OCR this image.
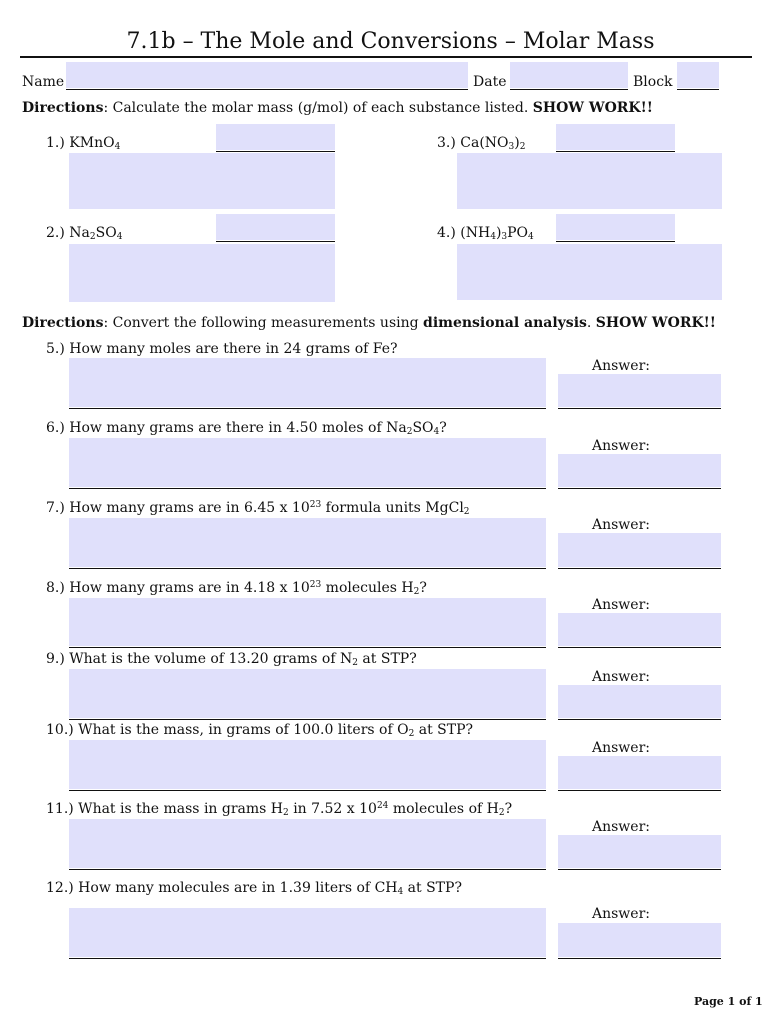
7.1b – The Mole and Conversions – Molar Mass
Name	Date	Block
Directions: Calculate the molar mass (g/mol) of each substance listed. SHOW WORK!!
1.) KMnO$_4$	3.) $Ca(NO_3)_2$
2.) $Na_2SO_4$	4.) $(NH_4)_3PO_4$
Directions: Convert the following measurements using dimensional analysis. SHOW WORK!!
5.) How many moles are there in 24 grams of Fe?
Answer:
6.) How many grams are there in 4.50 moles of $Na_2SO_4$?
Answer:
7.) How many grams are in 6.45 x $10^{23}$ formula units MgCl$_2$
Answer:
8.) How many grams are in 4.18 x $10^{23}$ molecules $H_2$?
Answer:
9.) What is the volume of 13.20 grams of $N_2$ at STP?
Answer:
10.) What is the mass, in grams of 100.0 liters of $O_2$ at STP?
Answer:
11.) What is the mass in grams $H_2$ in 7.52 x $10^{24}$ molecules of $H_2$?
Answer:
12.) How many molecules are in 1.39 liters of $CH_4$ at STP?
Answer:
Page 1 of 1
